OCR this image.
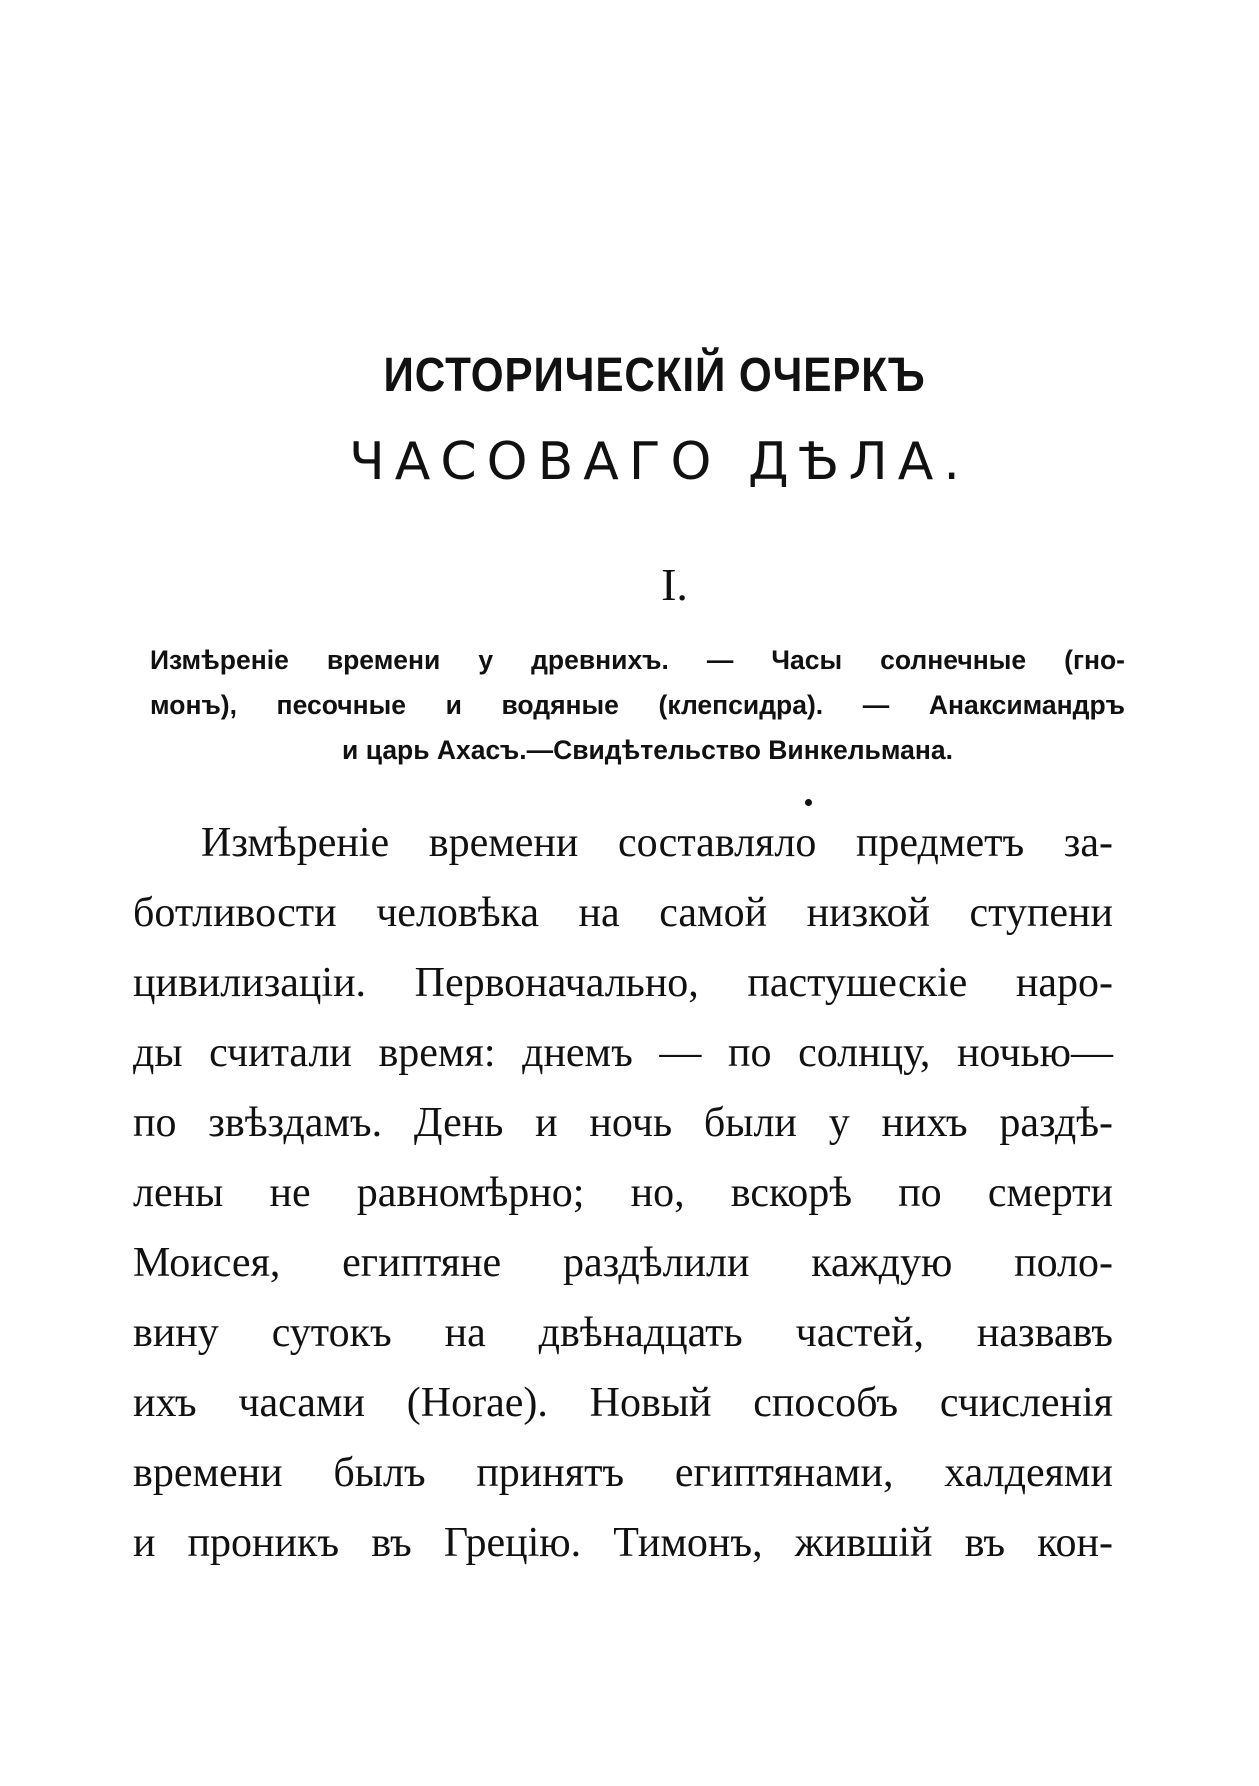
ИСТОРИЧЕСКІЙ ОЧЕРКЪ
ЧАСОВАГО ДѢЛА.
I.
Измѣреніе времени у древнихъ. — Часы солнечные (гно-
монъ), песочные и водяные (клепсидра). — Анаксимандръ
и царь Ахасъ.—Свидѣтельство Винкельмана.
Измѣреніе времени составляло предметъ за-
ботливости человѣка на самой низкой ступени
цивилизаціи. Первоначально, пастушескіе наро-
ды считали время: днемъ — по солнцу, ночью—
по звѣздамъ. День и ночь были у нихъ раздѣ-
лены не равномѣрно; но, вскорѣ по смерти
Моисея, египтяне раздѣлили каждую поло-
вину сутокъ на двѣнадцать частей, назвавъ
ихъ часами (Horae). Новый способъ счисленія
времени былъ принятъ египтянами, халдеями
и проникъ въ Грецію. Тимонъ, жившій въ кон-
